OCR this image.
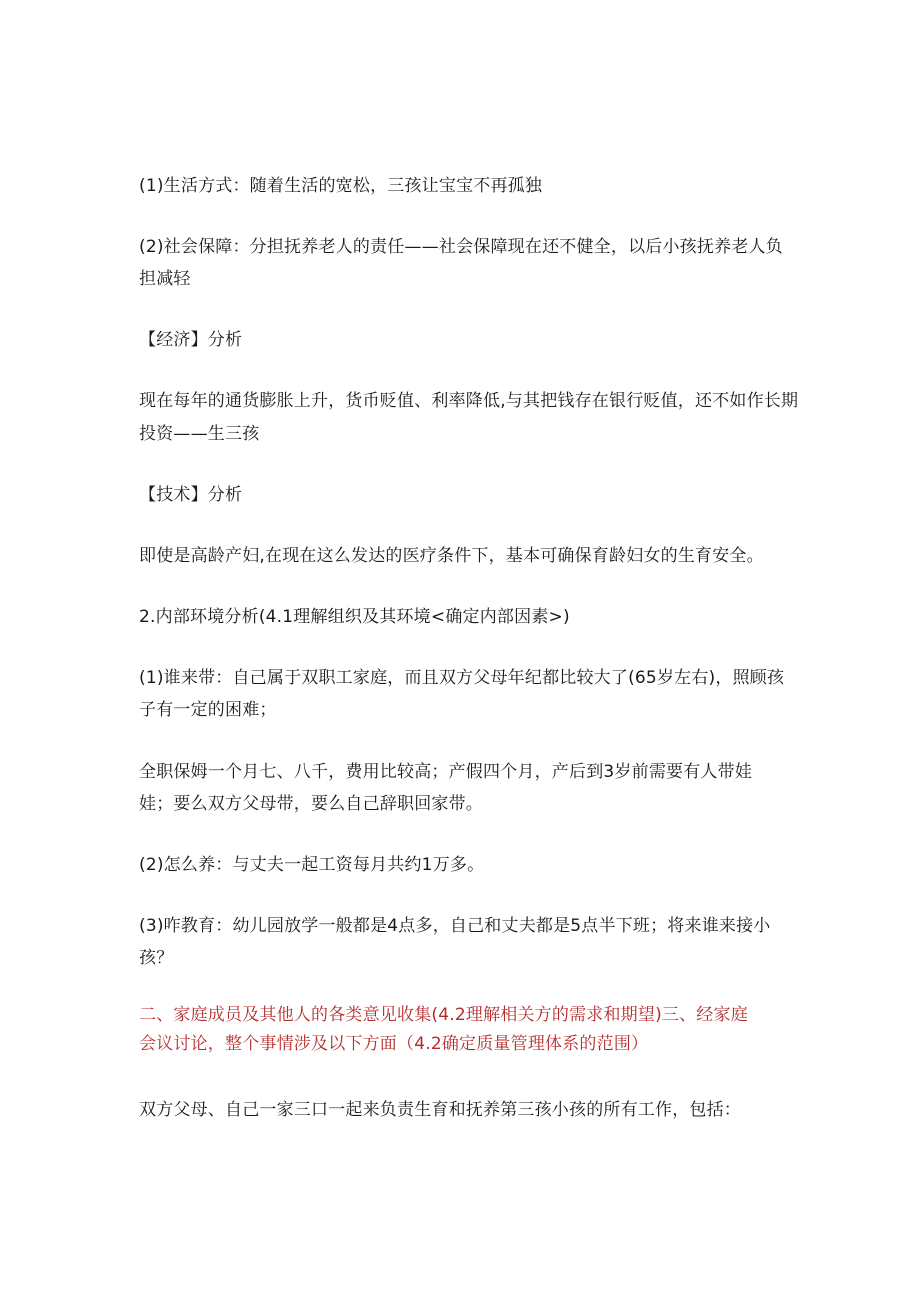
(1)生活方式：随着生活的宽松，三孩让宝宝不再孤独
(2)社会保障：分担抚养老人的责任——社会保障现在还不健全，以后小孩抚养老人负
担减轻
【经济】分析
现在每年的通货膨胀上升，货币贬值、利率降低,与其把钱存在银行贬值，还不如作长期
投资——生三孩
【技术】分析
即使是高龄产妇,在现在这么发达的医疗条件下，基本可确保育龄妇女的生育安全。
2.内部环境分析(4.1理解组织及其环境<确定内部因素>)
(1)谁来带：自己属于双职工家庭，而且双方父母年纪都比较大了(65岁左右)，照顾孩
子有一定的困难；
全职保姆一个月七、八千，费用比较高；产假四个月，产后到3岁前需要有人带娃
娃；要么双方父母带，要么自己辞职回家带。
(2)怎么养：与丈夫一起工资每月共约1万多。
(3)咋教育：幼儿园放学一般都是4点多，自己和丈夫都是5点半下班；将来谁来接小
孩？
二、家庭成员及其他人的各类意见收集(4.2理解相关方的需求和期望)三、经家庭
会议讨论，整个事情涉及以下方面（4.2确定质量管理体系的范围）
双方父母、自己一家三口一起来负责生育和抚养第三孩小孩的所有工作，包括：
